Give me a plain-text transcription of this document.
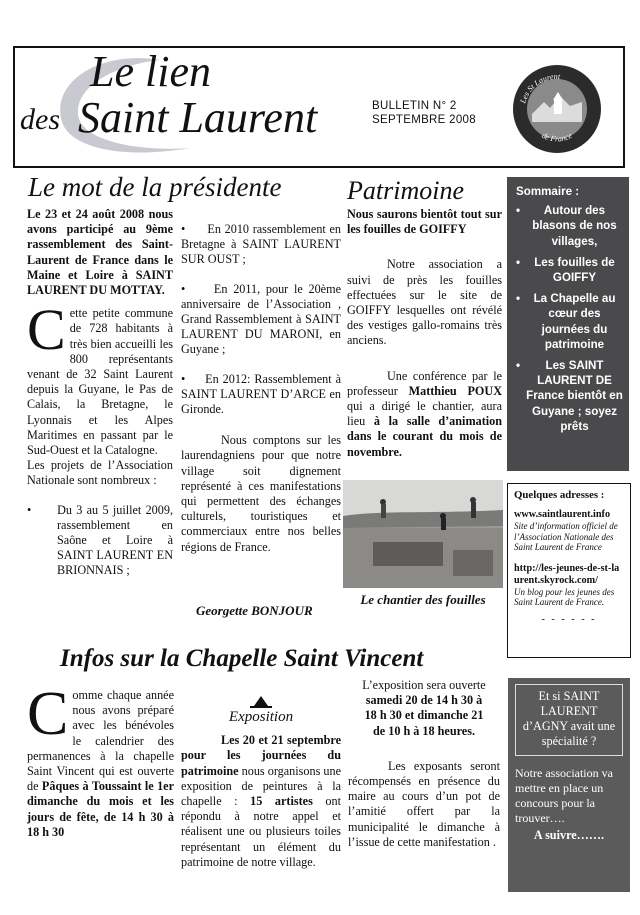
Le lien
des Saint Laurent	BULLETIN N° 2
SEPTEMBRE 2008
Les St Laurent
de France
Le mot de la présidente
Le 23 et 24 août 2008 nous avons participé au 9ème rassemblement des Saint-Laurent de France dans le Maine et Loire à SAINT LAURENT DU MOTTAY.
Cette petite commune de 728 habitants à très bien accueilli les 800 représentants venant de 32 Saint Laurent depuis la Guyane, le Pas de Calais, la Bretagne, le Lyonnais et les Alpes Maritimes en passant par le Sud-Ouest et la Catalogne.
Les projets de l’Association Nationale sont nombreux :
•      Du 3 au 5 juillet 2009, rassemblement en Saône et Loire à SAINT LAURENT EN BRIONNAIS ;
•      En 2010 rassemblement en Bretagne à SAINT LAURENT SUR OUST ;
•     En 2011, pour le 20ème anniversaire de l’Association , Grand Rassemblement à SAINT LAURENT DU MARONI, en Guyane ;
•     En 2012: Rassemblement à SAINT LAURENT D’ARCE en Gironde.
Nous comptons sur les laurendagniens pour que notre village soit dignement représenté à ces manifestations qui permettent des échanges culturels, touristiques et commerciaux entre nos belles régions de France.
Georgette BONJOUR
Patrimoine
Nous saurons bientôt tout sur les fouilles de GOIFFY
Notre association a suivi de près les fouilles effectuées sur le site de GOIFFY lesquelles ont révélé des vestiges gallo-romains très anciens.
Une conférence par le professeur Matthieu POUX qui a dirigé le chantier, aura lieu à la salle d’animation dans le courant du mois de novembre.
Le chantier des fouilles
Sommaire :
• Autour des blasons de nos villages,
• Les fouilles de GOIFFY
• La Chapelle au cœur des journées du patrimoine
• Les SAINT LAURENT DE France bientôt en Guyane ; soyez prêts
Quelques adresses :
www.saintlaurent.info
Site d’information officiel de l’Association Nationale des Saint Laurent de France
http://les-jeunes-de-st-laurent.skyrock.com/
Un blog pour les jeunes des Saint Laurent de France.
- - - - - -
Infos sur la Chapelle Saint Vincent
Comme chaque année nous avons préparé avec les bénévoles le calendrier des permanences à la chapelle Saint Vincent qui est ouverte de Pâques à Toussaint le 1er dimanche du mois et les jours de fête, de 14 h 30 à 18 h 30
Exposition
Les 20 et 21 septembre pour les journées du patrimoine nous organisons une exposition de peintures à la chapelle : 15 artistes ont répondu à notre appel et réalisent une ou plusieurs toiles représentant un élément du patrimoine de notre village.
L’exposition sera ouverte
samedi 20 de 14 h 30 à 18 h 30 et dimanche 21 de 10 h à 18 heures.
Les exposants seront récompensés en présence du maire au cours d’un pot de l’amitié offert par la municipalité le dimanche à l’issue de cette manifestation .
Et si SAINT LAURENT d’AGNY avait une spécialité ?
Notre association va mettre en place un concours pour la trouver….
A suivre…….
